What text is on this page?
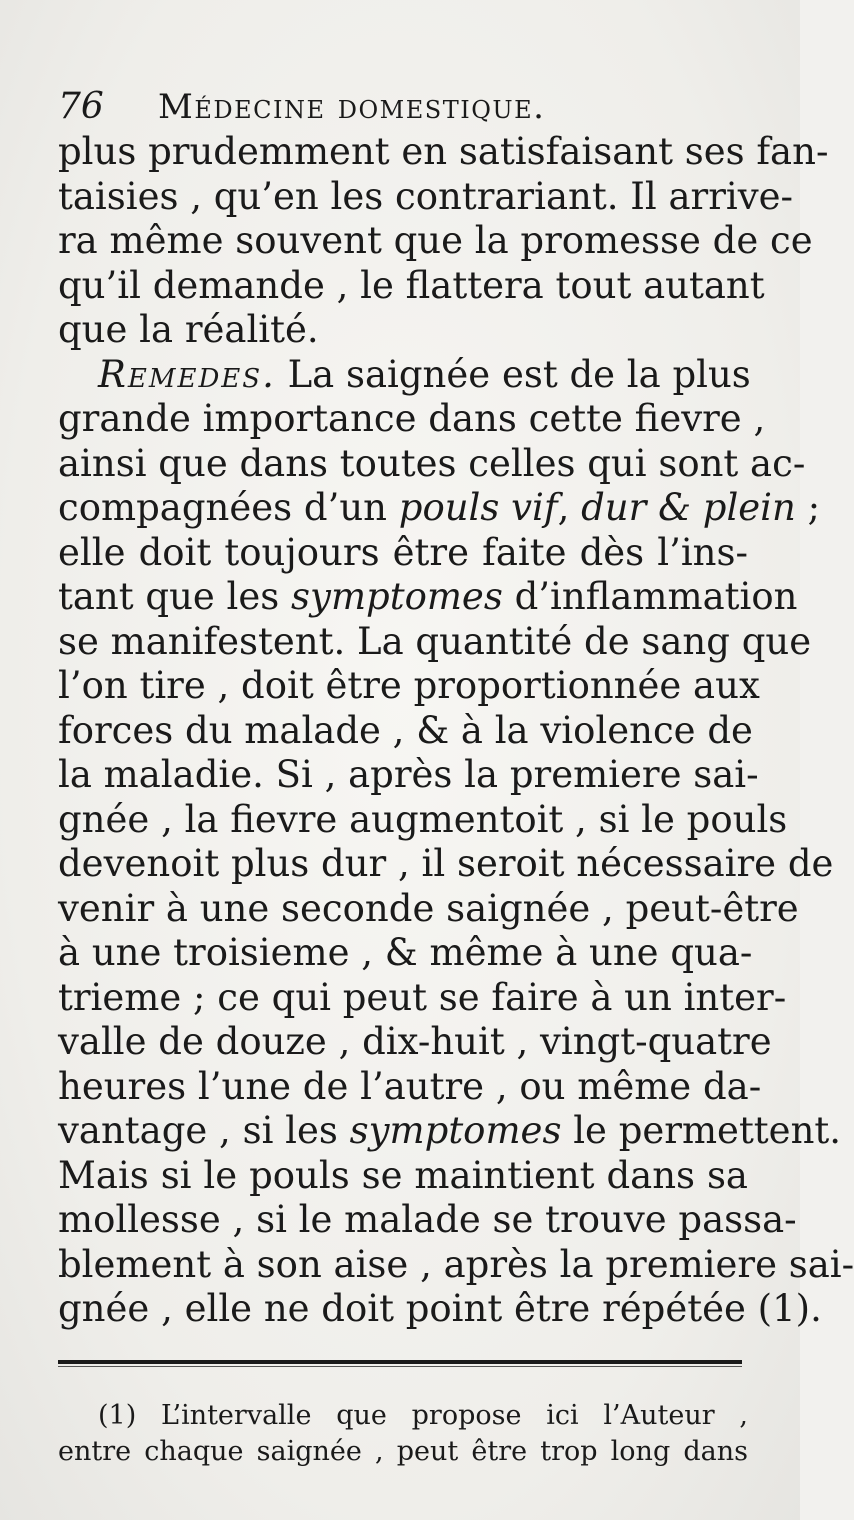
76 Médecine domestique.
plus prudemment en satisfaisant ses fan-
taisies , qu’en les contrariant. Il arrive-
ra même souvent que la promesse de ce
qu’il demande , le flattera tout autant
que la réalité.
Remedes. La saignée est de la plus
grande importance dans cette fievre ,
ainsi que dans toutes celles qui sont ac-
compagnées d’un pouls vif, dur & plein ;
elle doit toujours être faite dès l’ins-
tant que les symptomes d’inflammation
se manifestent. La quantité de sang que
l’on tire , doit être proportionnée aux
forces du malade , & à la violence de
la maladie. Si , après la premiere sai-
gnée , la fievre augmentoit , si le pouls
devenoit plus dur , il seroit nécessaire de
venir à une seconde saignée , peut-être
à une troisieme , & même à une qua-
trieme ; ce qui peut se faire à un inter-
valle de douze , dix-huit , vingt-quatre
heures l’une de l’autre , ou même da-
vantage , si les symptomes le permettent.
Mais si le pouls se maintient dans sa
mollesse , si le malade se trouve passa-
blement à son aise , après la premiere sai-
gnée , elle ne doit point être répétée (1).
(1) L’intervalle que propose ici l’Auteur ,
entre chaque saignée , peut être trop long dans
